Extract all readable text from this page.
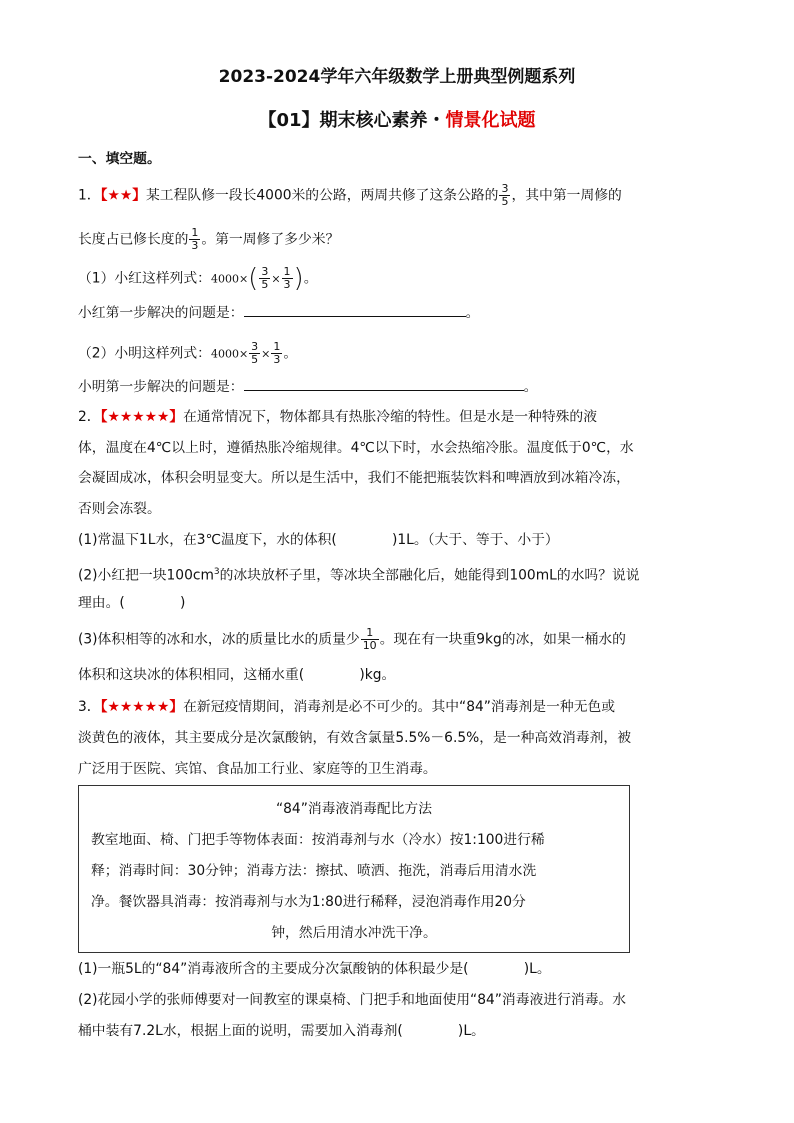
2023-2024学年六年级数学上册典型例题系列
【01】期末核心素养・情景化试题
一、填空题。
1．【★★】某工程队修一段长4000米的公路，两周共修了这条公路的 $\frac{3}{5}$ ，其中第一周修的
长度占已修长度的 $\frac{1}{3}$ 。第一周修了多少米？
（1）小红这样列式：$4000\times( \frac{3}{5} \times \frac{1}{3}$ )。
小红第一步解决的问题是：	。
（2）小明这样列式：$4000\times \frac{3}{5} \times \frac{1}{3}$ 。
小明第一步解决的问题是：	。
2．【★★★★★】在通常情况下，物体都具有热胀冷缩的特性。但是水是一种特殊的液
体，温度在4℃以上时，遵循热胀冷缩规律。4℃以下时，水会热缩冷胀。温度低于0℃，水
会凝固成冰，体积会明显变大。所以是生活中，我们不能把瓶装饮料和啤酒放到冰箱冷冻，
否则会冻裂。
(1)常温下1L水，在3℃温度下，水的体积(　　　　)1L。（大于、等于、小于）
(2)小红把一块$100cm^3$的冰块放杯子里，等冰块全部融化后，她能得到100mL的水吗？说说
理由。(　　　　)
(3)体积相等的冰和水，冰的质量比水的质量少 $\frac{1}{10}$ 。现在有一块重9kg的冰，如果一桶水的
体积和这块冰的体积相同，这桶水重(　　　　)kg。
3．【★★★★★】在新冠疫情期间，消毒剂是必不可少的。其中“84”消毒剂是一种无色或
淡黄色的液体，其主要成分是次氯酸钠，有效含氯量5.5%－6.5%，是一种高效消毒剂，被
广泛用于医院、宾馆、食品加工行业、家庭等的卫生消毒。
“84”消毒液消毒配比方法
教室地面、椅、门把手等物体表面：按消毒剂与水（冷水）按1:100进行稀
释；消毒时间：30分钟；消毒方法：擦拭、喷洒、拖洗，消毒后用清水洗
净。餐饮器具消毒：按消毒剂与水为1:80进行稀释，浸泡消毒作用20分
钟，然后用清水冲洗干净。
(1)一瓶5L的“84”消毒液所含的主要成分次氯酸钠的体积最少是(　　　　)L。
(2)花园小学的张师傅要对一间教室的课桌椅、门把手和地面使用“84”消毒液进行消毒。水
桶中装有7.2L水，根据上面的说明，需要加入消毒剂(　　　　)L。
